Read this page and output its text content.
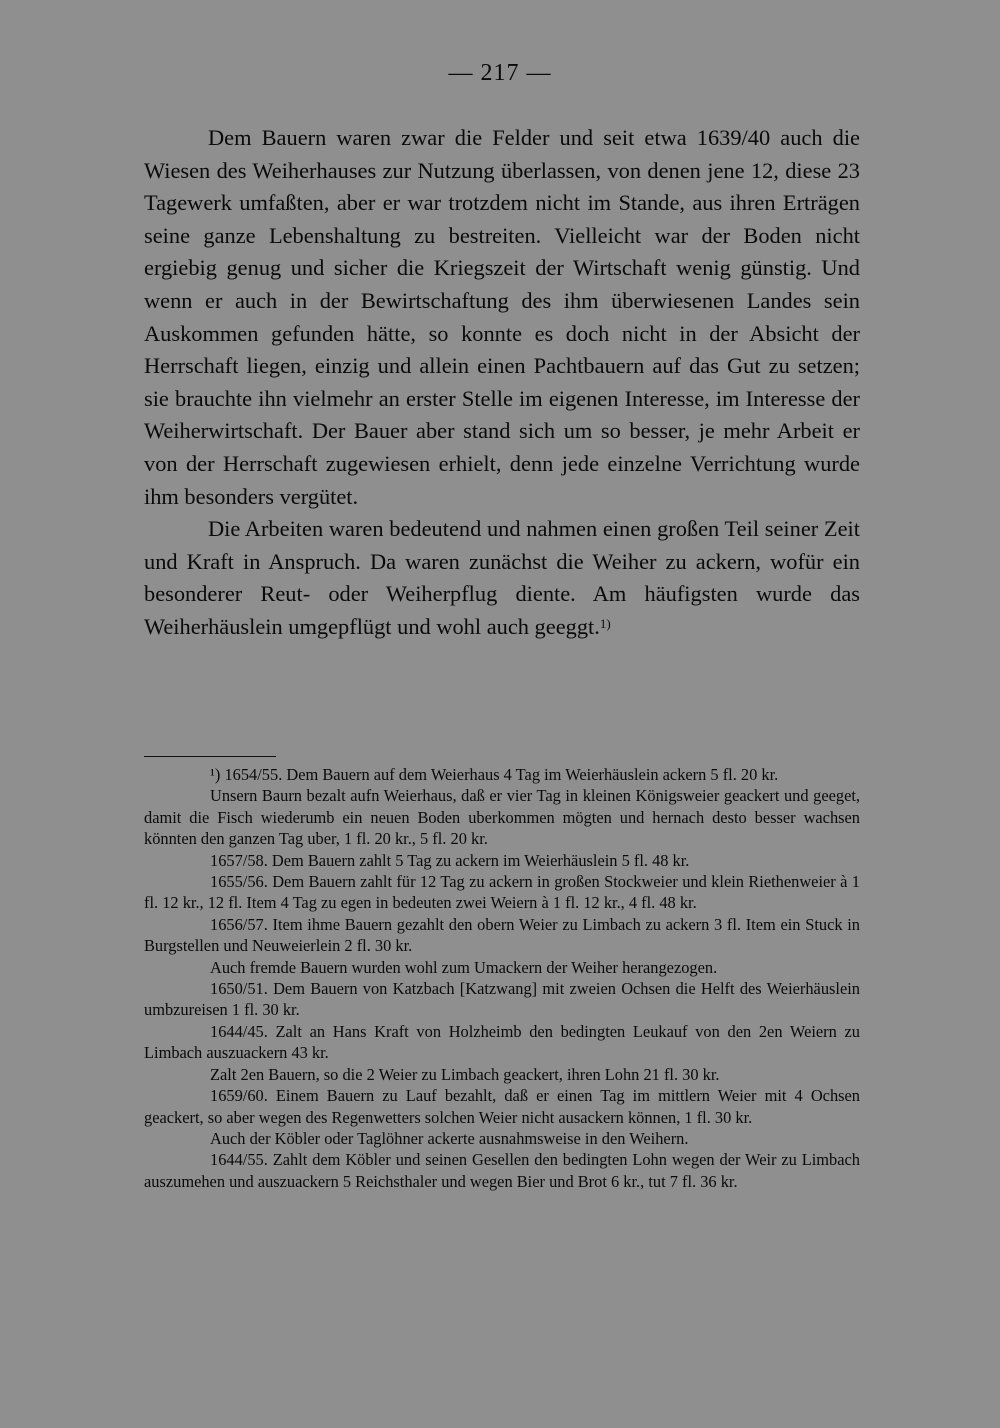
— 217 —

Dem Bauern waren zwar die Felder und seit etwa 1639/40 auch die Wiesen des Weiherhauses zur Nutzung überlassen, von denen jene 12, diese 23 Tagewerk umfaßten, aber er war trotzdem nicht im Stande, aus ihren Erträgen seine ganze Lebenshaltung zu bestreiten. Vielleicht war der Boden nicht ergiebig genug und sicher die Kriegszeit der Wirtschaft wenig günstig. Und wenn er auch in der Bewirtschaftung des ihm überwiesenen Landes sein Auskommen gefunden hätte, so konnte es doch nicht in der Absicht der Herrschaft liegen, einzig und allein einen Pachtbauern auf das Gut zu setzen; sie brauchte ihn vielmehr an erster Stelle im eigenen Interesse, im Interesse der Weiherwirtschaft. Der Bauer aber stand sich um so besser, je mehr Arbeit er von der Herrschaft zugewiesen erhielt, denn jede einzelne Verrichtung wurde ihm besonders vergütet.

Die Arbeiten waren bedeutend und nahmen einen großen Teil seiner Zeit und Kraft in Anspruch. Da waren zunächst die Weiher zu ackern, wofür ein besonderer Reut- oder Weiherpflug diente. Am häufigsten wurde das Weiherhäuslein umgepflügt und wohl auch geeggt.$^{1)}$

¹) 1654/55. Dem Bauern auf dem Weierhaus 4 Tag im Weierhäuslein ackern 5 fl. 20 kr.

Unsern Baurn bezalt aufn Weierhaus, daß er vier Tag in kleinen Königsweier geackert und geeget, damit die Fisch wiederumb ein neuen Boden uberkommen mögten und hernach desto besser wachsen könnten den ganzen Tag uber, 1 fl. 20 kr., 5 fl. 20 kr.

1657/58. Dem Bauern zahlt 5 Tag zu ackern im Weierhäuslein 5 fl. 48 kr.

1655/56. Dem Bauern zahlt für 12 Tag zu ackern in großen Stockweier und klein Riethenweier à 1 fl. 12 kr., 12 fl. Item 4 Tag zu egen in bedeuten zwei Weiern à 1 fl. 12 kr., 4 fl. 48 kr.

1656/57. Item ihme Bauern gezahlt den obern Weier zu Limbach zu ackern 3 fl. Item ein Stuck in Burgstellen und Neuweierlein 2 fl. 30 kr.

Auch fremde Bauern wurden wohl zum Umackern der Weiher herangezogen.

1650/51. Dem Bauern von Katzbach [Katzwang] mit zweien Ochsen die Helft des Weierhäuslein umbzureisen 1 fl. 30 kr.

1644/45. Zalt an Hans Kraft von Holzheimb den bedingten Leukauf von den 2en Weiern zu Limbach auszuackern 43 kr.

Zalt 2en Bauern, so die 2 Weier zu Limbach geackert, ihren Lohn 21 fl. 30 kr.

1659/60. Einem Bauern zu Lauf bezahlt, daß er einen Tag im mittlern Weier mit 4 Ochsen geackert, so aber wegen des Regenwetters solchen Weier nicht ausackern können, 1 fl. 30 kr.

Auch der Köbler oder Taglöhner ackerte ausnahmsweise in den Weihern.

1644/55. Zahlt dem Köbler und seinen Gesellen den bedingten Lohn wegen der Weir zu Limbach auszumehen und auszuackern 5 Reichsthaler und wegen Bier und Brot 6 kr., tut 7 fl. 36 kr.
